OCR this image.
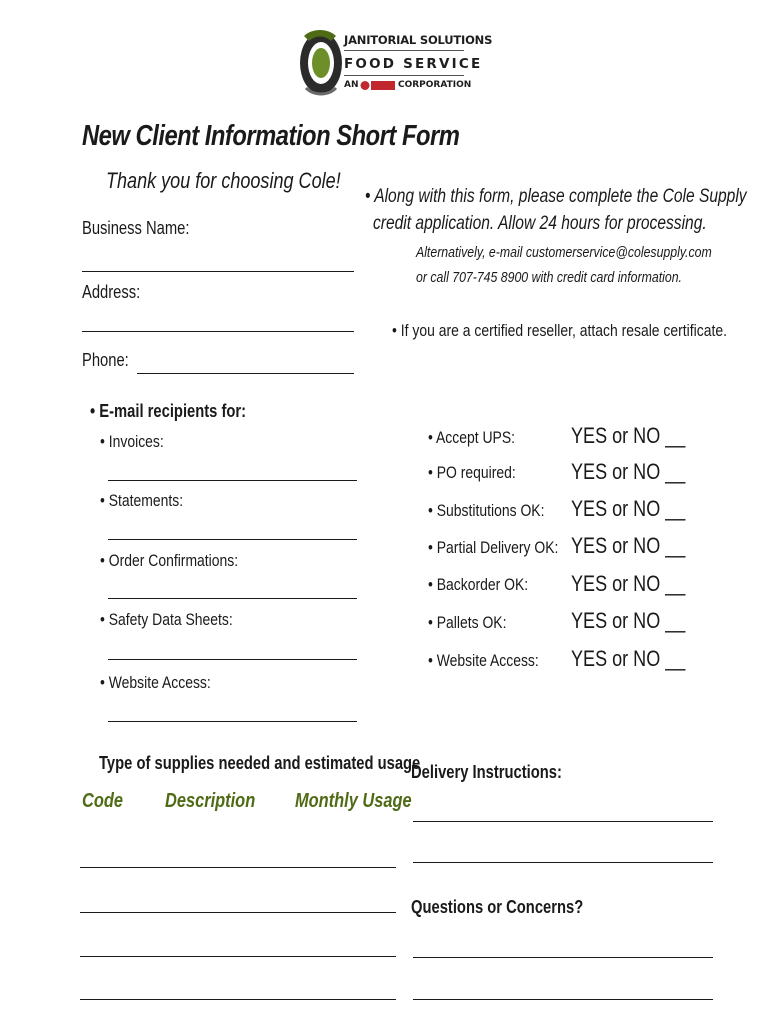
JANITORIAL SOLUTIONS
FOOD SERVICE
AN	CORPORATION
New Client Information Short Form
Thank you for choosing Cole!
Business Name:
Address:
Phone:
• Along with this form, please complete the Cole Supply
credit application. Allow 24 hours for processing.
Alternatively, e-mail customerservice@colesupply.com
or call 707-745 8900 with credit card information.
• If you are a certified reseller, attach resale certificate.
• E-mail recipients for:
• Invoices:
• Statements:
• Order Confirmations:
• Safety Data Sheets:
• Website Access:
• Accept UPS:	YES or NO __
• PO required:	YES or NO __
• Substitutions OK: YES or NO __
• Partial Delivery OK: YES or NO __
• Backorder OK: YES or NO __
• Pallets OK:	YES or NO __
• Website Access: YES or NO __
Type of supplies needed and estimated usage
Code Description Monthly Usage
Delivery Instructions:
Questions or Concerns?
